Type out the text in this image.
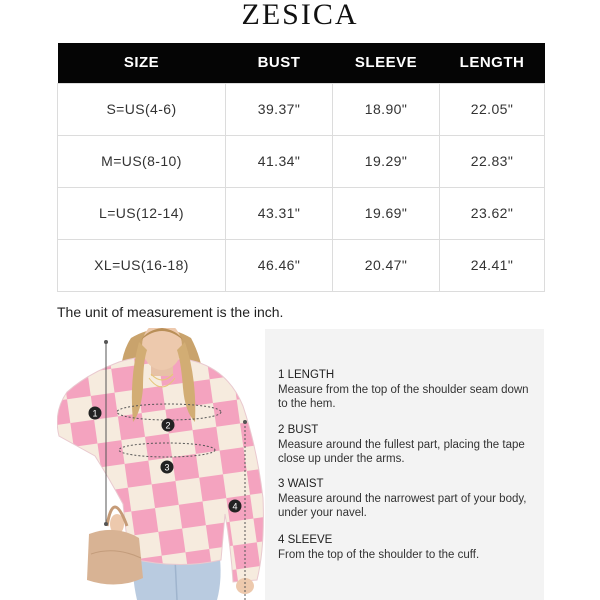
ZESICA
SIZE	BUST	SLEEVE	LENGTH
S=US(4-6)	39.37"	18.90"	22.05"
M=US(8-10)	41.34"	19.29"	22.83"
L=US(12-14)	43.31"	19.69"	23.62"
XL=US(16-18)	46.46"	20.47"	24.41"
The unit of measurement is the inch.
1
2
3
4
1 LENGTH
Measure from the top of the shoulder seam down to the hem.
2 BUST
Measure around the fullest part, placing the tape close up under the arms.
3 WAIST
Measure around the narrowest part of your body, under your navel.
4 SLEEVE
From the top of the shoulder to the cuff.
